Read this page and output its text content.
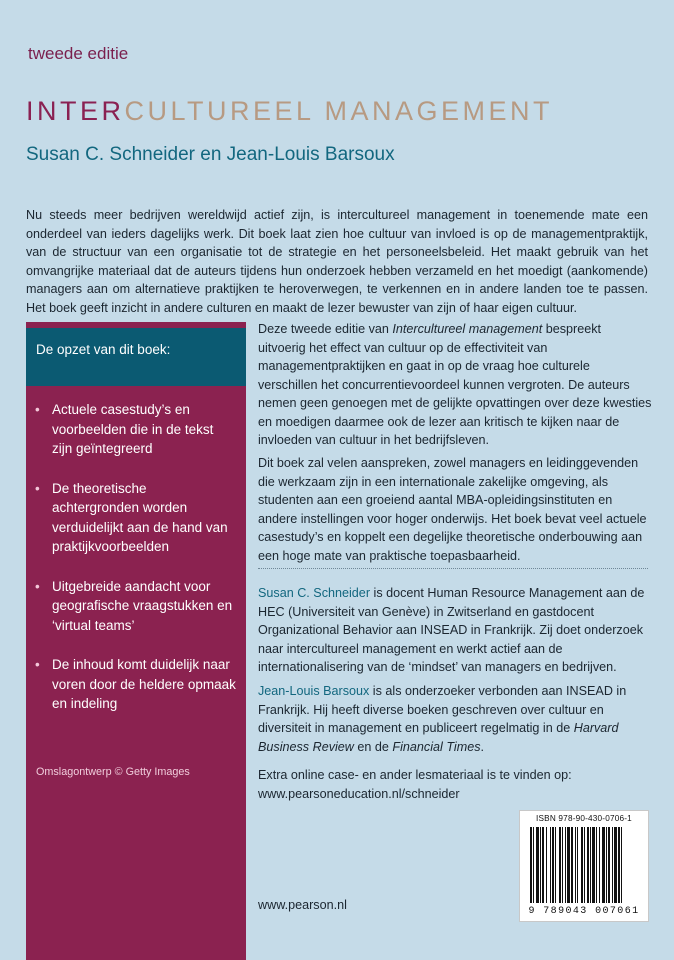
tweede editie
INTERCULTUREEL MANAGEMENT
Susan C. Schneider en Jean-Louis Barsoux

Nu steeds meer bedrijven wereldwijd actief zijn, is intercultureel management in toenemende mate een onderdeel van ieders dagelijks werk. Dit boek laat zien hoe cultuur van invloed is op de managementpraktijk, van de structuur van een organisatie tot de strategie en het personeelsbeleid. Het maakt gebruik van het omvangrijke materiaal dat de auteurs tijdens hun onderzoek hebben verzameld en het moedigt (aankomende) managers aan om alternatieve praktijken te heroverwegen, te verkennen en in andere landen toe te passen. Het boek geeft inzicht in andere culturen en maakt de lezer bewuster van zijn of haar eigen cultuur.

De opzet van dit boek:
• Actuele casestudy’s en voorbeelden die in de tekst zijn geïntegreerd
• De theoretische achtergronden worden verduidelijkt aan de hand van praktijkvoorbeelden
• Uitgebreide aandacht voor geografische vraagstukken en ‘virtual teams’
• De inhoud komt duidelijk naar voren door de heldere opmaak en indeling
Omslagontwerp © Getty Images

Deze tweede editie van Intercultureel management bespreekt uitvoerig het effect van cultuur op de effectiviteit van managementpraktijken en gaat in op de vraag hoe culturele verschillen het concurrentievoordeel kunnen vergroten. De auteurs nemen geen genoegen met de gelijkte opvattingen over deze kwesties en moedigen daarmee ook de lezer aan kritisch te kijken naar de invloeden van cultuur in het bedrijfsleven.

Dit boek zal velen aanspreken, zowel managers en leidinggevenden die werkzaam zijn in een internationale zakelijke omgeving, als studenten aan een groeiend aantal MBA-opleidingsinstituten en andere instellingen voor hoger onderwijs. Het boek bevat veel actuele casestudy’s en koppelt een degelijke theoretische onderbouwing aan een hoge mate van praktische toepasbaarheid.

Susan C. Schneider is docent Human Resource Management aan de HEC (Universiteit van Genève) in Zwitserland en gastdocent Organizational Behavior aan INSEAD in Frankrijk. Zij doet onderzoek naar intercultureel management en werkt actief aan de internationalisering van de ‘mindset’ van managers en bedrijven.

Jean-Louis Barsoux is als onderzoeker verbonden aan INSEAD in Frankrijk. Hij heeft diverse boeken geschreven over cultuur en diversiteit in management en publiceert regelmatig in de Harvard Business Review en de Financial Times.

Extra online case- en ander lesmateriaal is te vinden op:
www.pearsoneducation.nl/schneider

ISBN 978-90-430-0706-1
9 789043 007061
www.pearson.nl
